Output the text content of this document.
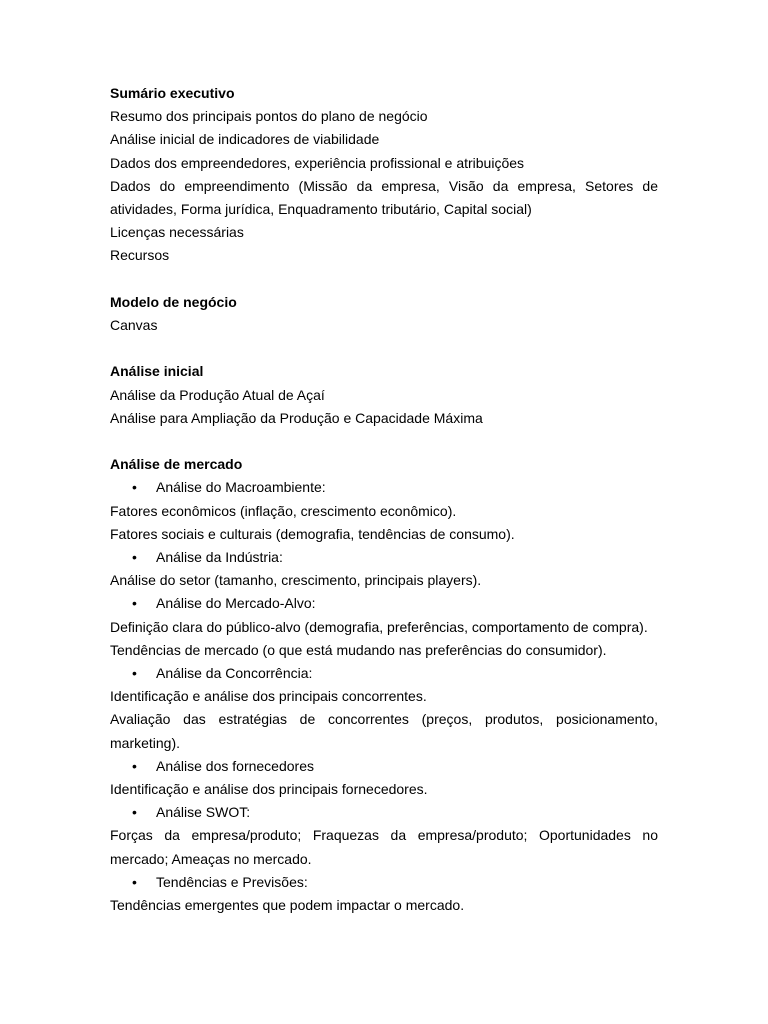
Sumário executivo
Resumo dos principais pontos do plano de negócio
Análise inicial de indicadores de viabilidade
Dados dos empreendedores, experiência profissional e atribuições
Dados do empreendimento (Missão da empresa, Visão da empresa, Setores de atividades, Forma jurídica, Enquadramento tributário, Capital social)
Licenças necessárias
Recursos
Modelo de negócio
Canvas
Análise inicial
Análise da Produção Atual de Açaí
Análise para Ampliação da Produção e Capacidade Máxima
Análise de mercado
• Análise do Macroambiente:
Fatores econômicos (inflação, crescimento econômico).
Fatores sociais e culturais (demografia, tendências de consumo).
• Análise da Indústria:
Análise do setor (tamanho, crescimento, principais players).
• Análise do Mercado-Alvo:
Definição clara do público-alvo (demografia, preferências, comportamento de compra).
Tendências de mercado (o que está mudando nas preferências do consumidor).
• Análise da Concorrência:
Identificação e análise dos principais concorrentes.
Avaliação das estratégias de concorrentes (preços, produtos, posicionamento, marketing).
• Análise dos fornecedores
Identificação e análise dos principais fornecedores.
• Análise SWOT:
Forças da empresa/produto; Fraquezas da empresa/produto; Oportunidades no mercado; Ameaças no mercado.
• Tendências e Previsões:
Tendências emergentes que podem impactar o mercado.
